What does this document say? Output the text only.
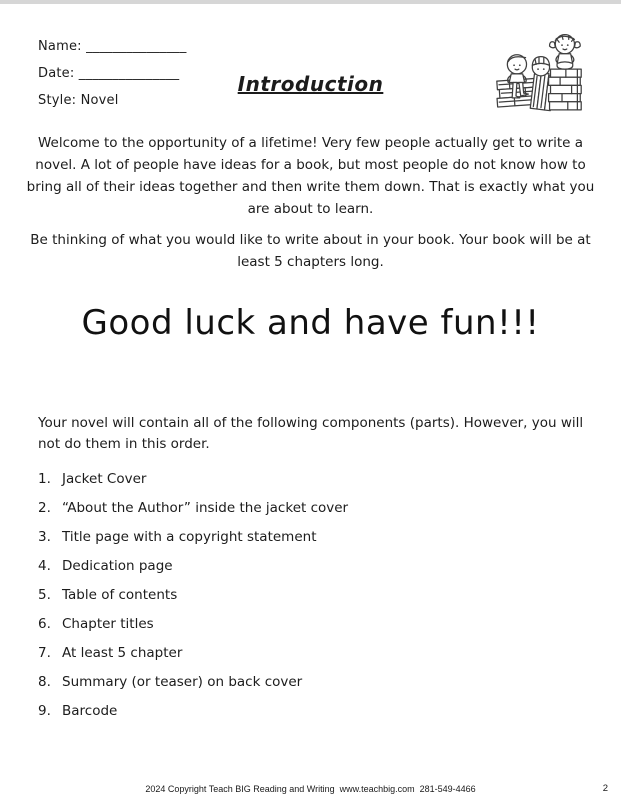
Name: _______________
Date: _______________
Style: Novel
Introduction

Welcome to the opportunity of a lifetime! Very few people actually get to write a novel. A lot of people have ideas for a book, but most people do not know how to bring all of their ideas together and then write them down. That is exactly what you are about to learn.

Be thinking of what you would like to write about in your book. Your book will be at least 5 chapters long.

Good luck and have fun!!!

Your novel will contain all of the following components (parts). However, you will not do them in this order.

1. Jacket Cover
2. “About the Author” inside the jacket cover
3. Title page with a copyright statement
4. Dedication page
5. Table of contents
6. Chapter titles
7. At least 5 chapter
8. Summary (or teaser) on back cover
9. Barcode
2024 Copyright Teach BIG Reading and Writing  www.teachbig.com  281-549-4466	2
